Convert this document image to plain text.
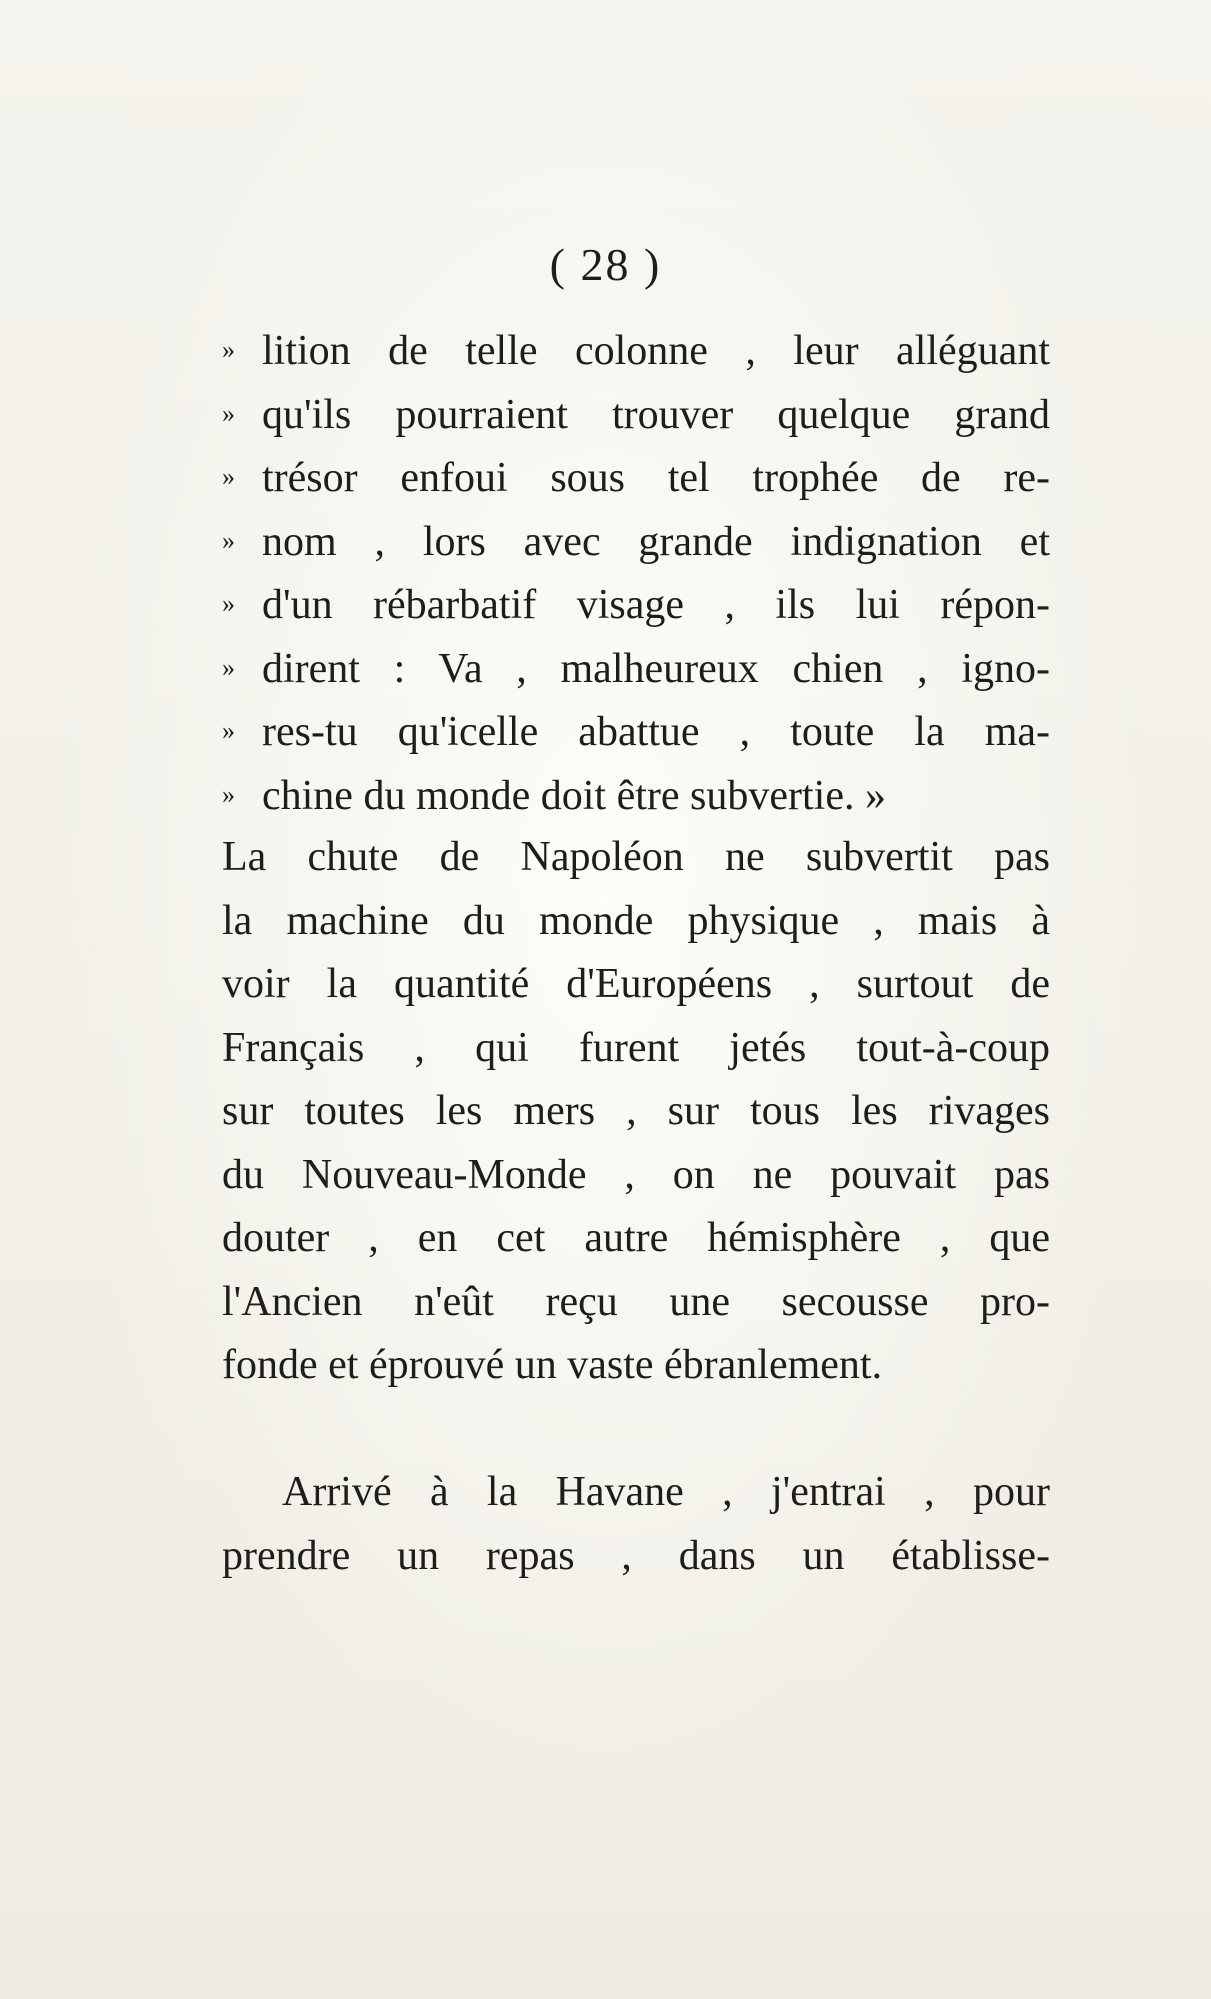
( 28 )
» lition de telle colonne , leur alléguant
» qu'ils pourraient trouver quelque grand
» trésor enfoui sous tel trophée de re-
» nom , lors avec grande indignation et
» d'un rébarbatif visage , ils lui répon-
» dirent : Va , malheureux chien , igno-
» res-tu qu'icelle abattue , toute la ma-
» chine du monde doit être subvertie. »
La chute de Napoléon ne subvertit pas
la machine du monde physique , mais à
voir la quantité d'Européens , surtout de
Français , qui furent jetés tout-à-coup
sur toutes les mers , sur tous les rivages
du Nouveau-Monde , on ne pouvait pas
douter , en cet autre hémisphère , que
l'Ancien n'eût reçu une secousse pro-
fonde et éprouvé un vaste ébranlement.
Arrivé à la Havane , j'entrai , pour
prendre un repas , dans un établisse-
